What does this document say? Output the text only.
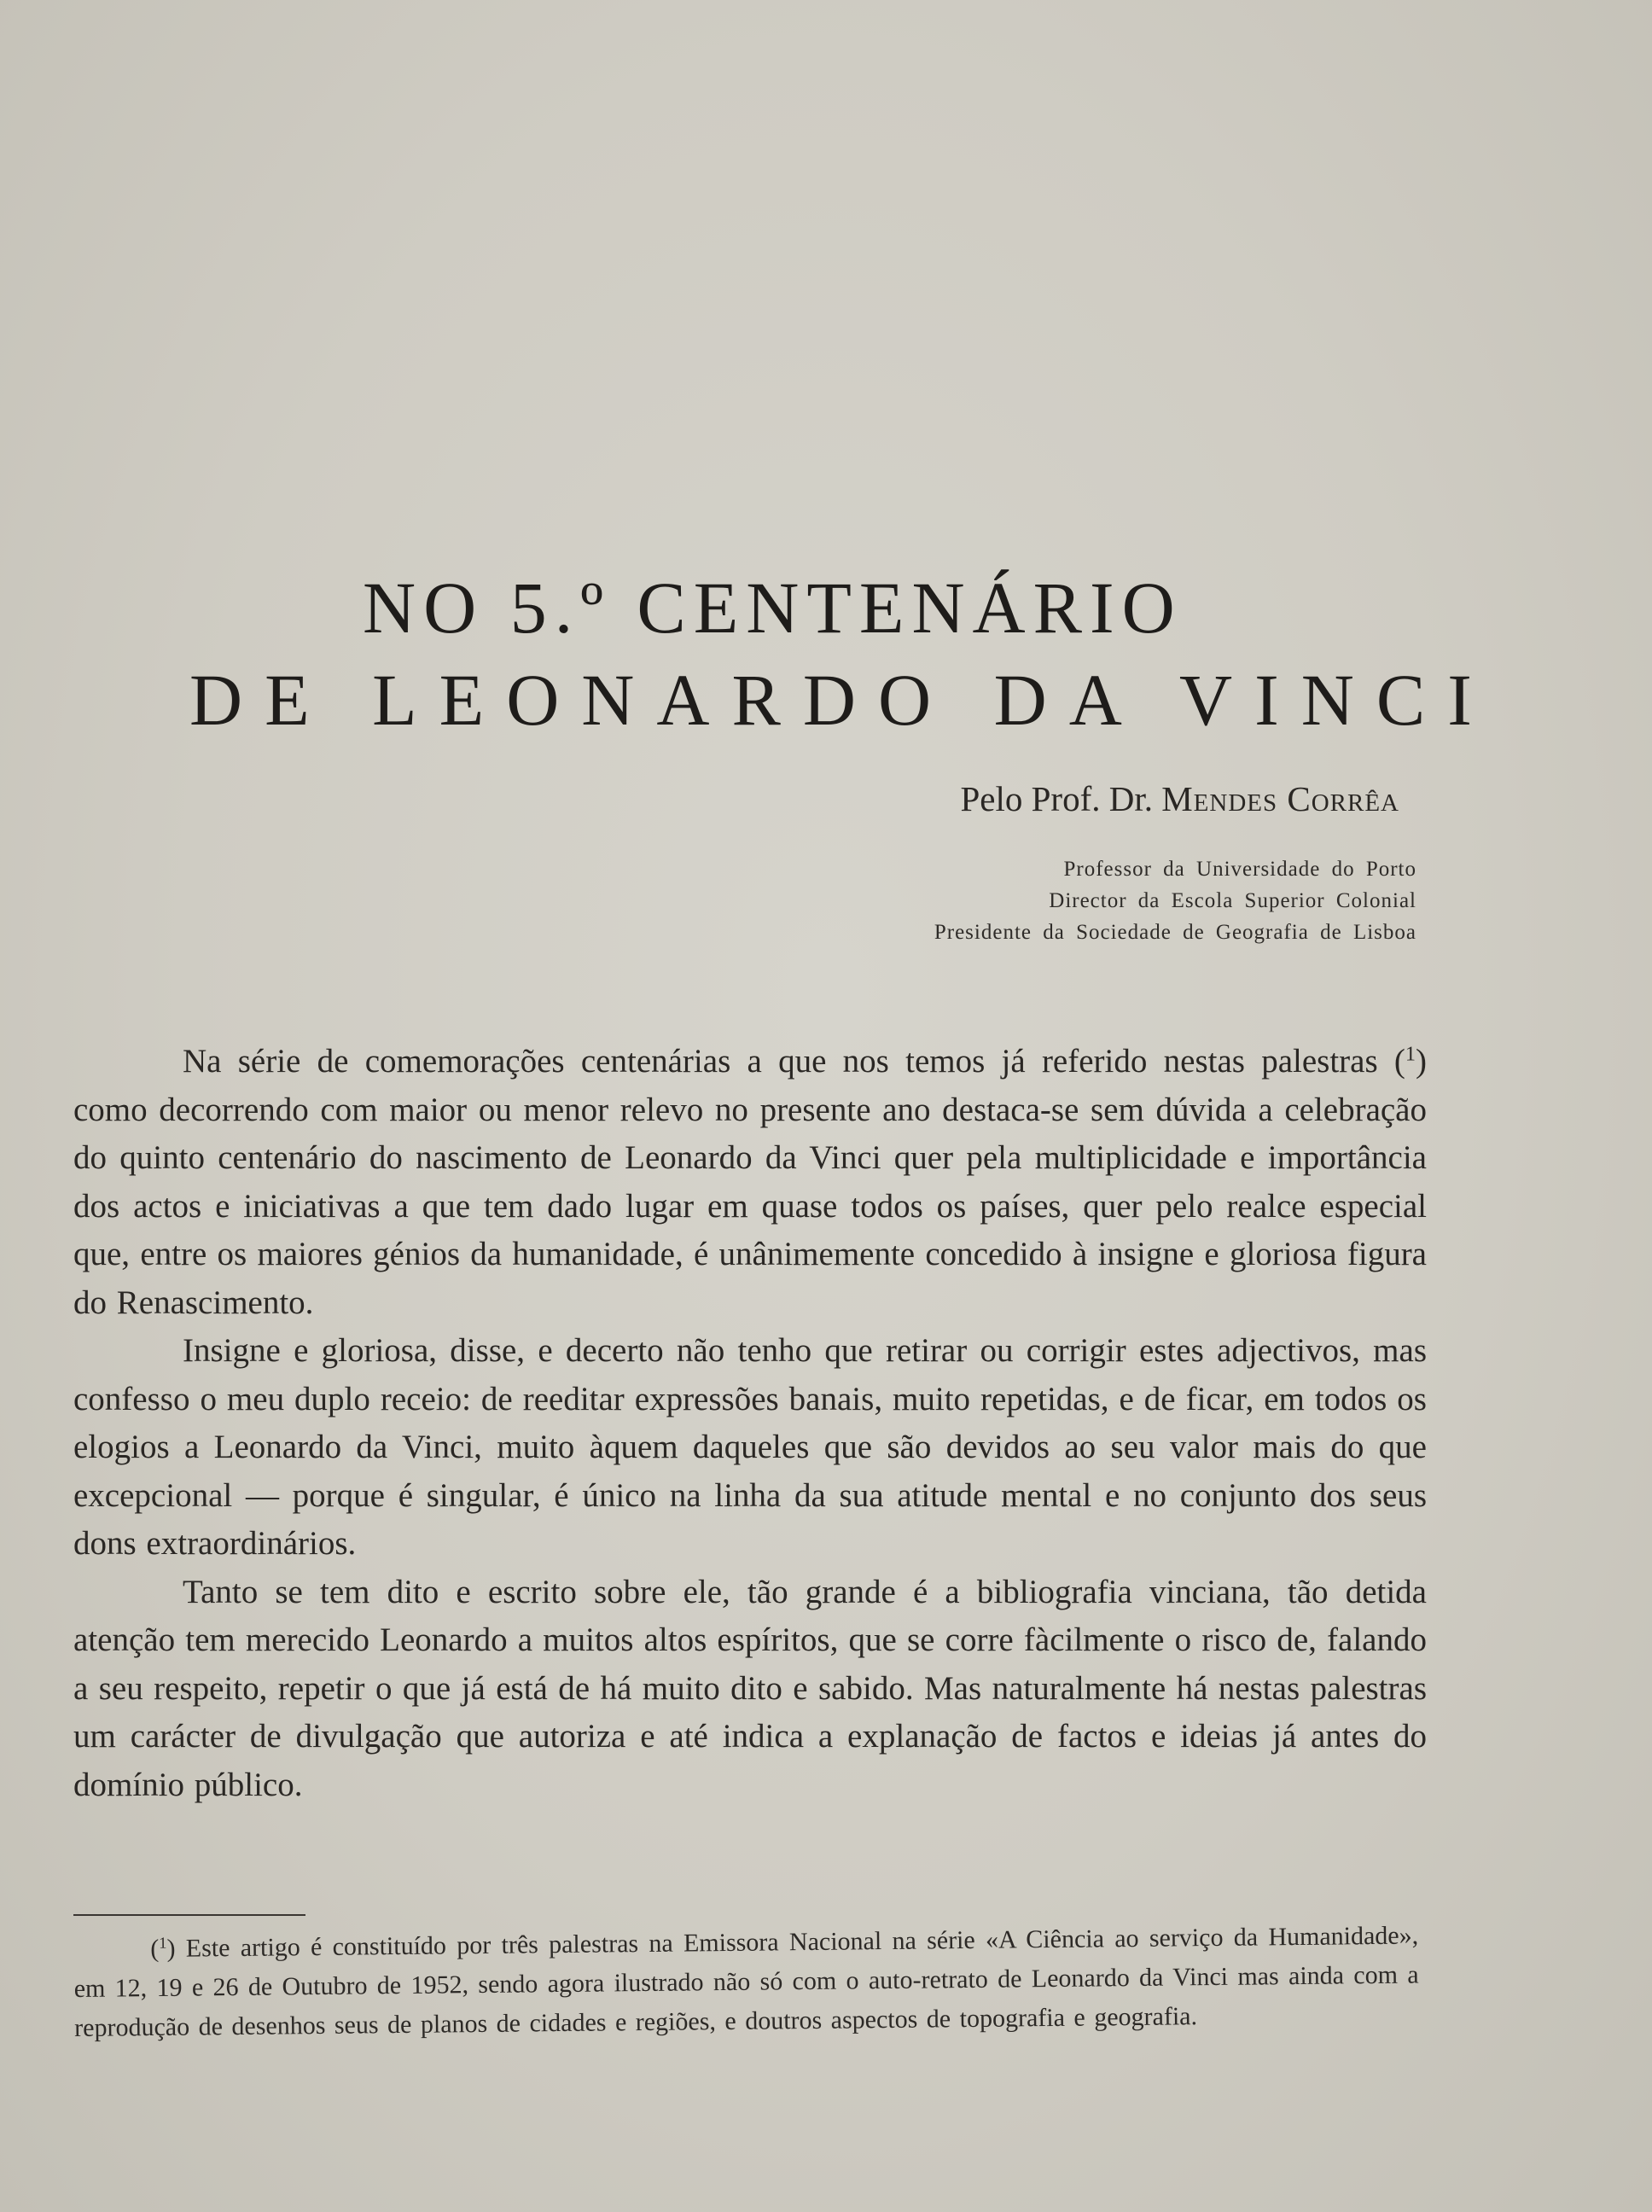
NO 5.º CENTENÁRIO
DE LEONARDO DA VINCI
Pelo Prof. Dr. Mendes Corrêa
Professor da Universidade do Porto
Director da Escola Superior Colonial
Presidente da Sociedade de Geografia de Lisboa

Na série de comemorações centenárias a que nos temos já referido nestas palestras ($^1$) como decorrendo com maior ou menor relevo no presente ano destaca-se sem dúvida a celebração do quinto centenário do nascimento de Leonardo da Vinci quer pela multiplicidade e importância dos actos e iniciativas a que tem dado lugar em quase todos os países, quer pelo realce especial que, entre os maiores génios da humanidade, é unânimemente concedido à insigne e gloriosa figura do Renascimento.

Insigne e gloriosa, disse, e decerto não tenho que retirar ou corrigir estes adjectivos, mas confesso o meu duplo receio: de reeditar expressões banais, muito repetidas, e de ficar, em todos os elogios a Leonardo da Vinci, muito àquem daqueles que são devidos ao seu valor mais do que excepcional — porque é singular, é único na linha da sua atitude mental e no conjunto dos seus dons extraordinários.

Tanto se tem dito e escrito sobre ele, tão grande é a bibliografia vinciana, tão detida atenção tem merecido Leonardo a muitos altos espíritos, que se corre fàcilmente o risco de, falando a seu respeito, repetir o que já está de há muito dito e sabido. Mas naturalmente há nestas palestras um carácter de divulgação que autoriza e até indica a explanação de factos e ideias já antes do domínio público.

($^1$) Este artigo é constituído por três palestras na Emissora Nacional na série «A Ciência ao serviço da Humanidade», em 12, 19 e 26 de Outubro de 1952, sendo agora ilustrado não só com o auto-retrato de Leonardo da Vinci mas ainda com a reprodução de desenhos seus de planos de cidades e regiões, e doutros aspectos de topografia e geografia.
